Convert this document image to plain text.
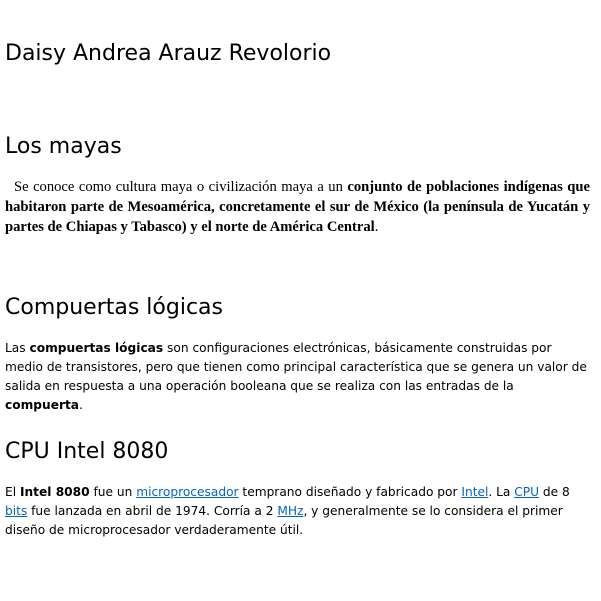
Daisy Andrea Arauz Revolorio
Los mayas

Se conoce como cultura maya o civilización maya a un conjunto de poblaciones indígenas que habitaron parte de Mesoamérica, concretamente el sur de México (la península de Yucatán y partes de Chiapas y Tabasco) y el norte de América Central.

Compuertas lógicas

Las compuertas lógicas son configuraciones electrónicas, básicamente construidas por medio de transistores, pero que tienen como principal característica que se genera un valor de salida en respuesta a una operación booleana que se realiza con las entradas de la compuerta.

CPU Intel 8080

El Intel 8080 fue un microprocesador temprano diseñado y fabricado por Intel. La CPU de 8 bits fue lanzada en abril de 1974. Corría a 2 MHz, y generalmente se lo considera el primer diseño de microprocesador verdaderamente útil.
